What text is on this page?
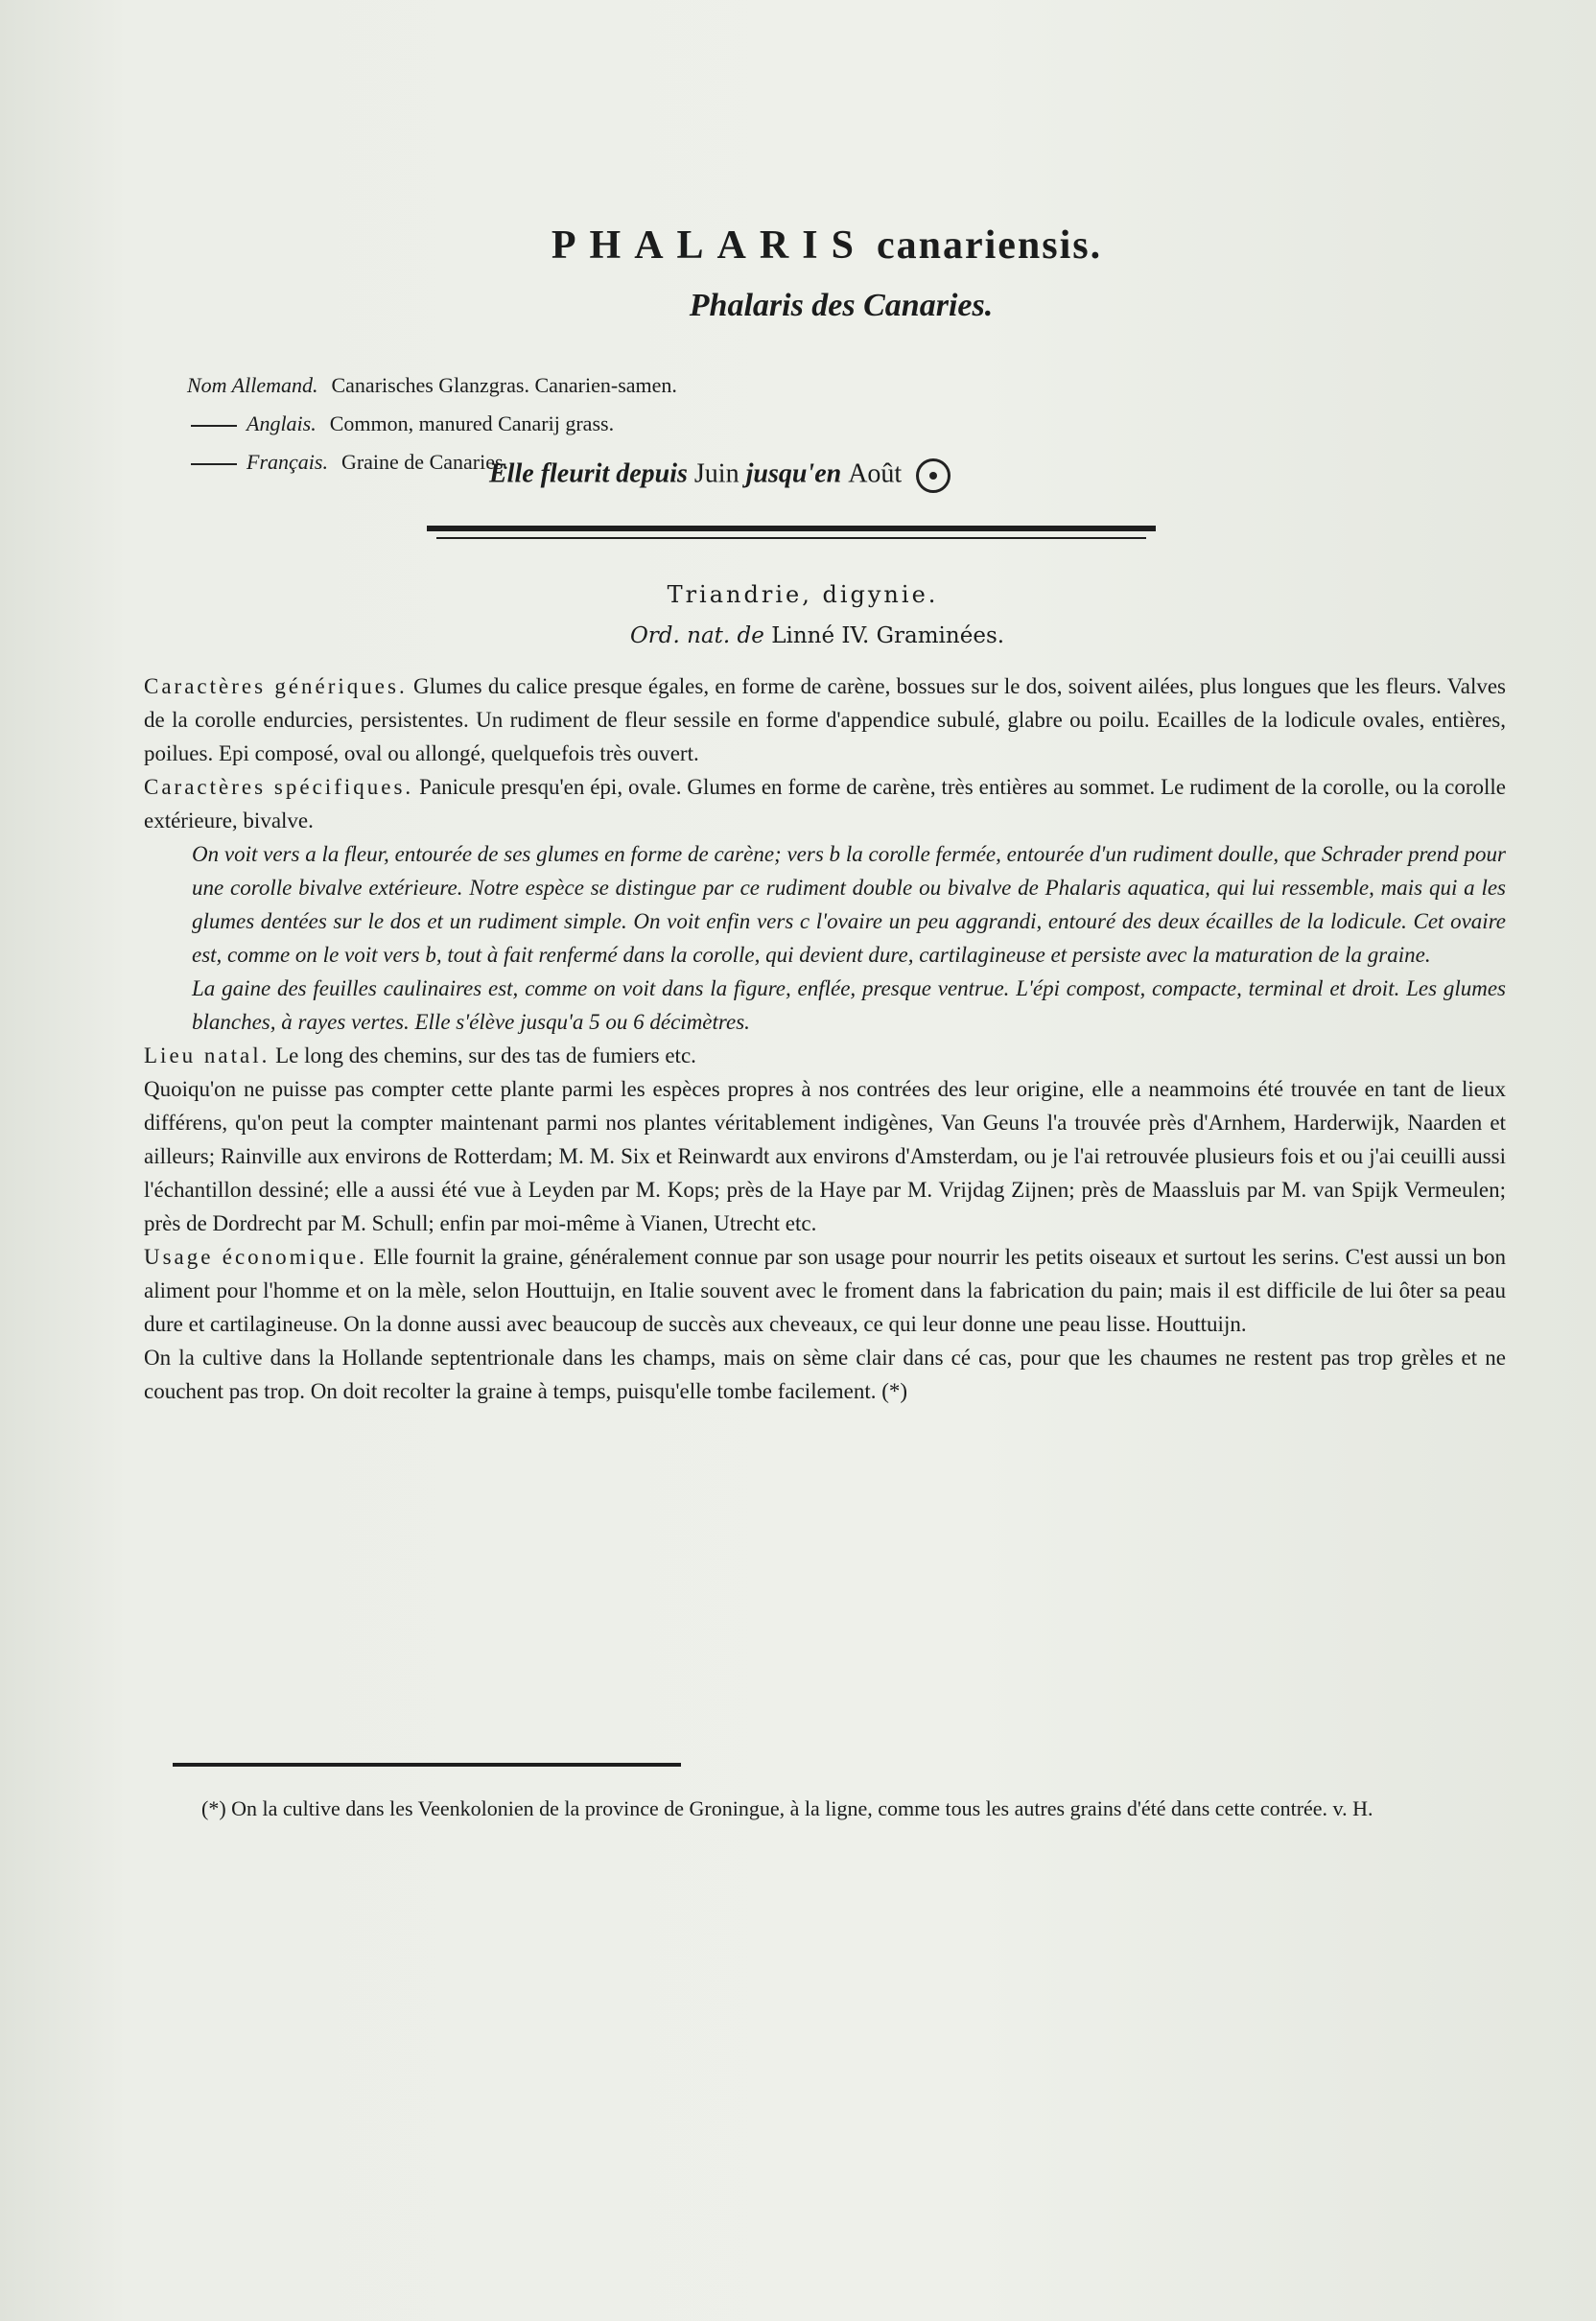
PHALARIS canariensis.
Phalaris des Canaries.
Nom Allemand. Canarisches Glanzgras. Canarien-samen.
Anglais. Common, manured Canarij grass.
Français. Graine de Canaries.
Elle fleurit depuis Juin jusqu'en Août
Triandrie, digynie.
Ord. nat. de Linné IV. Graminées.

Caractères génériques. Glumes du calice presque égales, en forme de carène, bossues sur le dos, soivent ailées, plus longues que les fleurs. Valves de la corolle endurcies, persistentes. Un rudiment de fleur sessile en forme d'appendice subulé, glabre ou poilu. Ecailles de la lodicule ovales, entières, poilues. Epi composé, oval ou allongé, quelquefois très ouvert.

Caractères spécifiques. Panicule presqu'en épi, ovale. Glumes en forme de carène, très entières au sommet. Le rudiment de la corolle, ou la corolle extérieure, bivalve.

On voit vers a la fleur, entourée de ses glumes en forme de carène; vers b la corolle fermée, entourée d'un rudiment doulle, que Schrader prend pour une corolle bivalve extérieure. Notre espèce se distingue par ce rudiment double ou bivalve de Phalaris aquatica, qui lui ressemble, mais qui a les glumes dentées sur le dos et un rudiment simple. On voit enfin vers c l'ovaire un peu aggrandi, entouré des deux écailles de la lodicule. Cet ovaire est, comme on le voit vers b, tout à fait renfermé dans la corolle, qui devient dure, cartilagineuse et persiste avec la maturation de la graine.

La gaine des feuilles caulinaires est, comme on voit dans la figure, enflée, presque ventrue. L'épi compost, compacte, terminal et droit. Les glumes blanches, à rayes vertes. Elle s'élève jusqu'a 5 ou 6 décimètres.

Lieu natal. Le long des chemins, sur des tas de fumiers etc.

Quoiqu'on ne puisse pas compter cette plante parmi les espèces propres à nos contrées des leur origine, elle a neammoins été trouvée en tant de lieux différens, qu'on peut la compter maintenant parmi nos plantes véritablement indigènes, Van Geuns l'a trouvée près d'Arnhem, Harderwijk, Naarden et ailleurs; Rainville aux environs de Rotterdam; M. M. Six et Reinwardt aux environs d'Amsterdam, ou je l'ai retrouvée plusieurs fois et ou j'ai ceuilli aussi l'échantillon dessiné; elle a aussi été vue à Leyden par M. Kops; près de la Haye par M. Vrijdag Zijnen; près de Maassluis par M. van Spijk Vermeulen; près de Dordrecht par M. Schull; enfin par moi-même à Vianen, Utrecht etc.

Usage économique. Elle fournit la graine, généralement connue par son usage pour nourrir les petits oiseaux et surtout les serins. C'est aussi un bon aliment pour l'homme et on la mèle, selon Houttuijn, en Italie souvent avec le froment dans la fabrication du pain; mais il est difficile de lui ôter sa peau dure et cartilagineuse. On la donne aussi avec beaucoup de succès aux cheveaux, ce qui leur donne une peau lisse. Houttuijn.

On la cultive dans la Hollande septentrionale dans les champs, mais on sème clair dans cé cas, pour que les chaumes ne restent pas trop grèles et ne couchent pas trop. On doit recolter la graine à temps, puisqu'elle tombe facilement. (*)

(*) On la cultive dans les Veenkolonien de la province de Groningue, à la ligne, comme tous les autres grains d'été dans cette contrée. v. H.
